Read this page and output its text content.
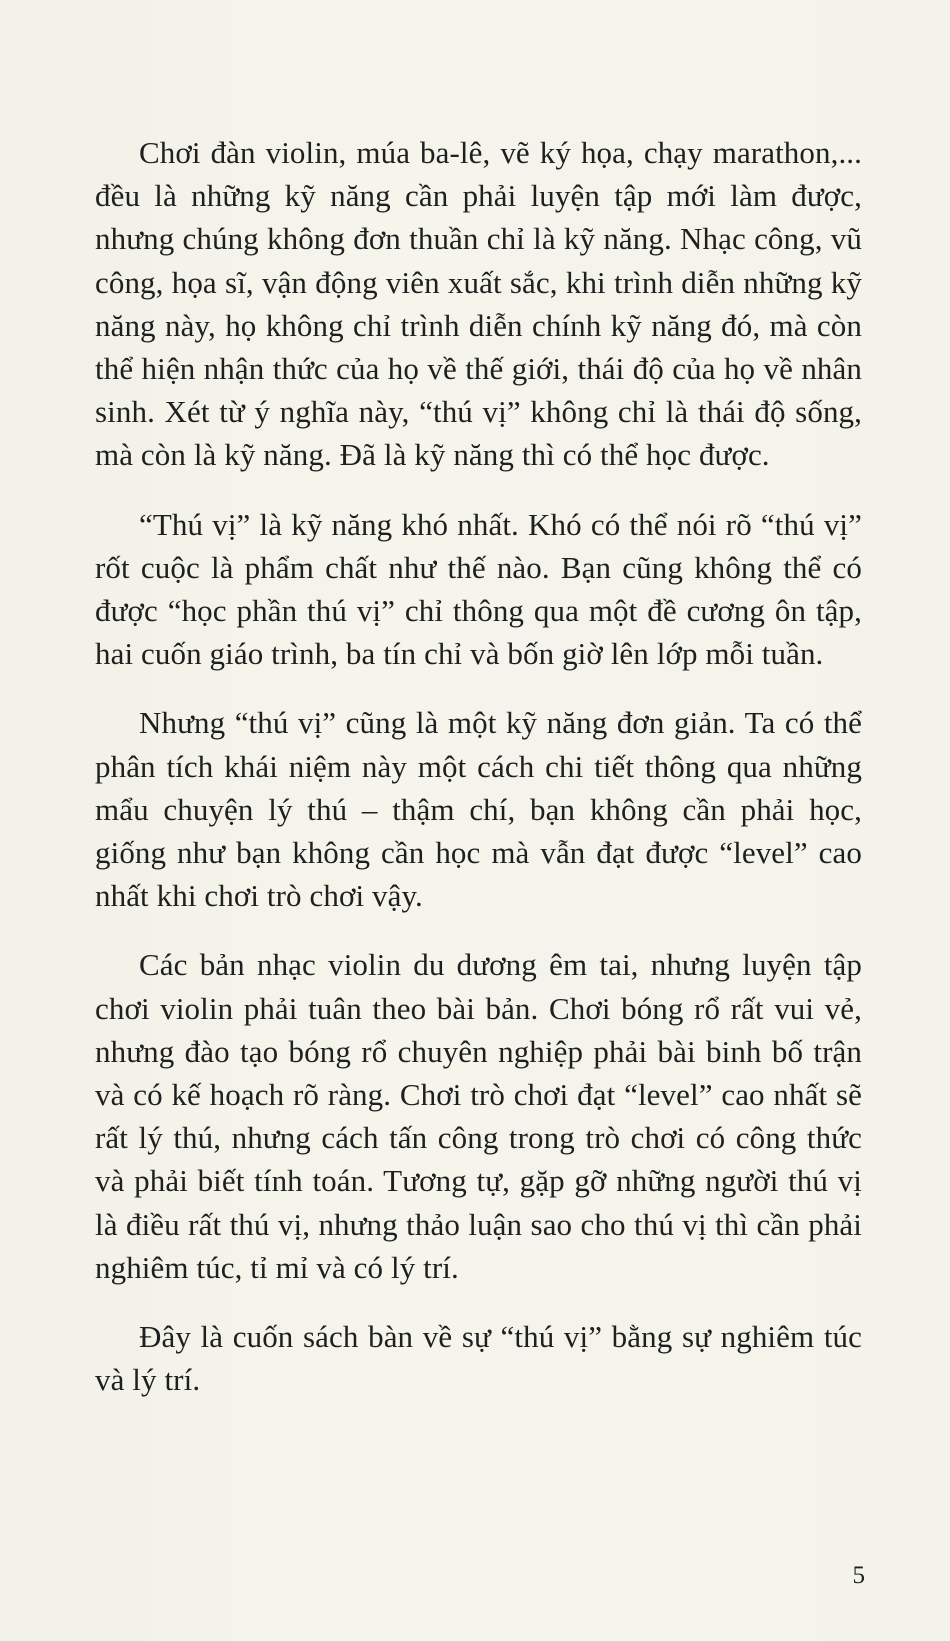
Chơi đàn violin, múa ba-lê, vẽ ký họa, chạy marathon,... đều là những kỹ năng cần phải luyện tập mới làm được, nhưng chúng không đơn thuần chỉ là kỹ năng. Nhạc công, vũ công, họa sĩ, vận động viên xuất sắc, khi trình diễn những kỹ năng này, họ không chỉ trình diễn chính kỹ năng đó, mà còn thể hiện nhận thức của họ về thế giới, thái độ của họ về nhân sinh. Xét từ ý nghĩa này, “thú vị” không chỉ là thái độ sống, mà còn là kỹ năng. Đã là kỹ năng thì có thể học được.

“Thú vị” là kỹ năng khó nhất. Khó có thể nói rõ “thú vị” rốt cuộc là phẩm chất như thế nào. Bạn cũng không thể có được “học phần thú vị” chỉ thông qua một đề cương ôn tập, hai cuốn giáo trình, ba tín chỉ và bốn giờ lên lớp mỗi tuần.

Nhưng “thú vị” cũng là một kỹ năng đơn giản. Ta có thể phân tích khái niệm này một cách chi tiết thông qua những mẩu chuyện lý thú – thậm chí, bạn không cần phải học, giống như bạn không cần học mà vẫn đạt được “level” cao nhất khi chơi trò chơi vậy.

Các bản nhạc violin du dương êm tai, nhưng luyện tập chơi violin phải tuân theo bài bản. Chơi bóng rổ rất vui vẻ, nhưng đào tạo bóng rổ chuyên nghiệp phải bài binh bố trận và có kế hoạch rõ ràng. Chơi trò chơi đạt “level” cao nhất sẽ rất lý thú, nhưng cách tấn công trong trò chơi có công thức và phải biết tính toán. Tương tự, gặp gỡ những người thú vị là điều rất thú vị, nhưng thảo luận sao cho thú vị thì cần phải nghiêm túc, tỉ mỉ và có lý trí.

Đây là cuốn sách bàn về sự “thú vị” bằng sự nghiêm túc và lý trí.

5
